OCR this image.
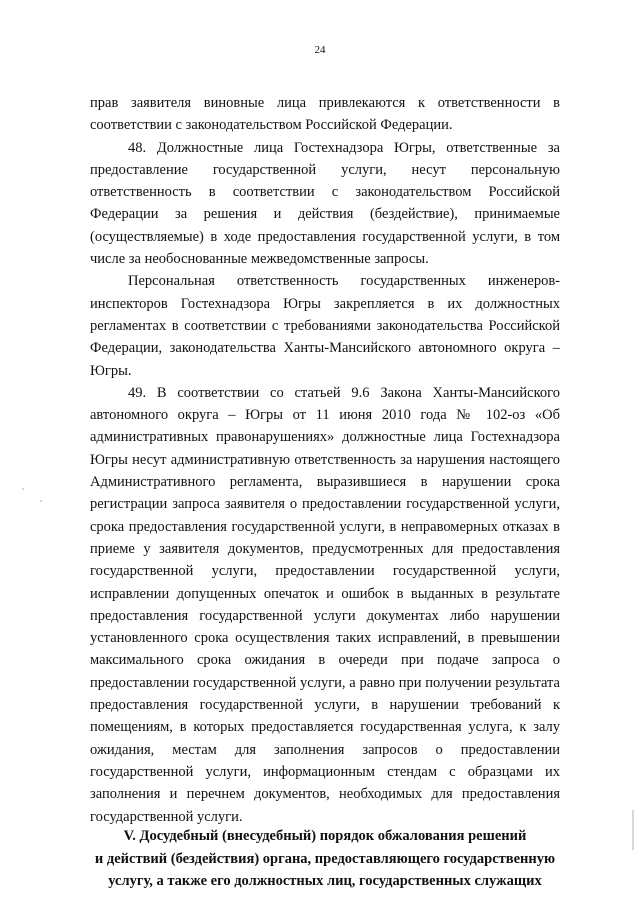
24

прав заявителя виновные лица привлекаются к ответственности в соответствии с законодательством Российской Федерации.

48. Должностные лица Гостехнадзора Югры, ответственные за предоставление государственной услуги, несут персональную ответственность в соответствии с законодательством Российской Федерации за решения и действия (бездействие), принимаемые (осуществляемые) в ходе предоставления государственной услуги, в том числе за необоснованные межведомственные запросы.

Персональная ответственность государственных инженеров-инспекторов Гостехнадзора Югры закрепляется в их должностных регламентах в соответствии с требованиями законодательства Российской Федерации, законодательства Ханты-Мансийского автономного округа – Югры.

49. В соответствии со статьей 9.6 Закона Ханты-Мансийского автономного округа – Югры от 11 июня 2010 года № 102-оз «Об административных правонарушениях» должностные лица Гостехнадзора Югры несут административную ответственность за нарушения настоящего Административного регламента, выразившиеся в нарушении срока регистрации запроса заявителя о предоставлении государственной услуги, срока предоставления государственной услуги, в неправомерных отказах в приеме у заявителя документов, предусмотренных для предоставления государственной услуги, предоставлении государственной услуги, исправлении допущенных опечаток и ошибок в выданных в результате предоставления государственной услуги документах либо нарушении установленного срока осуществления таких исправлений, в превышении максимального срока ожидания в очереди при подаче запроса о предоставлении государственной услуги, а равно при получении результата предоставления государственной услуги, в нарушении требований к помещениям, в которых предоставляется государственная услуга, к залу ожидания, местам для заполнения запросов о предоставлении государственной услуги, информационным стендам с образцами их заполнения и перечнем документов, необходимых для предоставления государственной услуги.

V. Досудебный (внесудебный) порядок обжалования решений
и действий (бездействия) органа, предоставляющего государственную
услугу, а также его должностных лиц, государственных служащих
